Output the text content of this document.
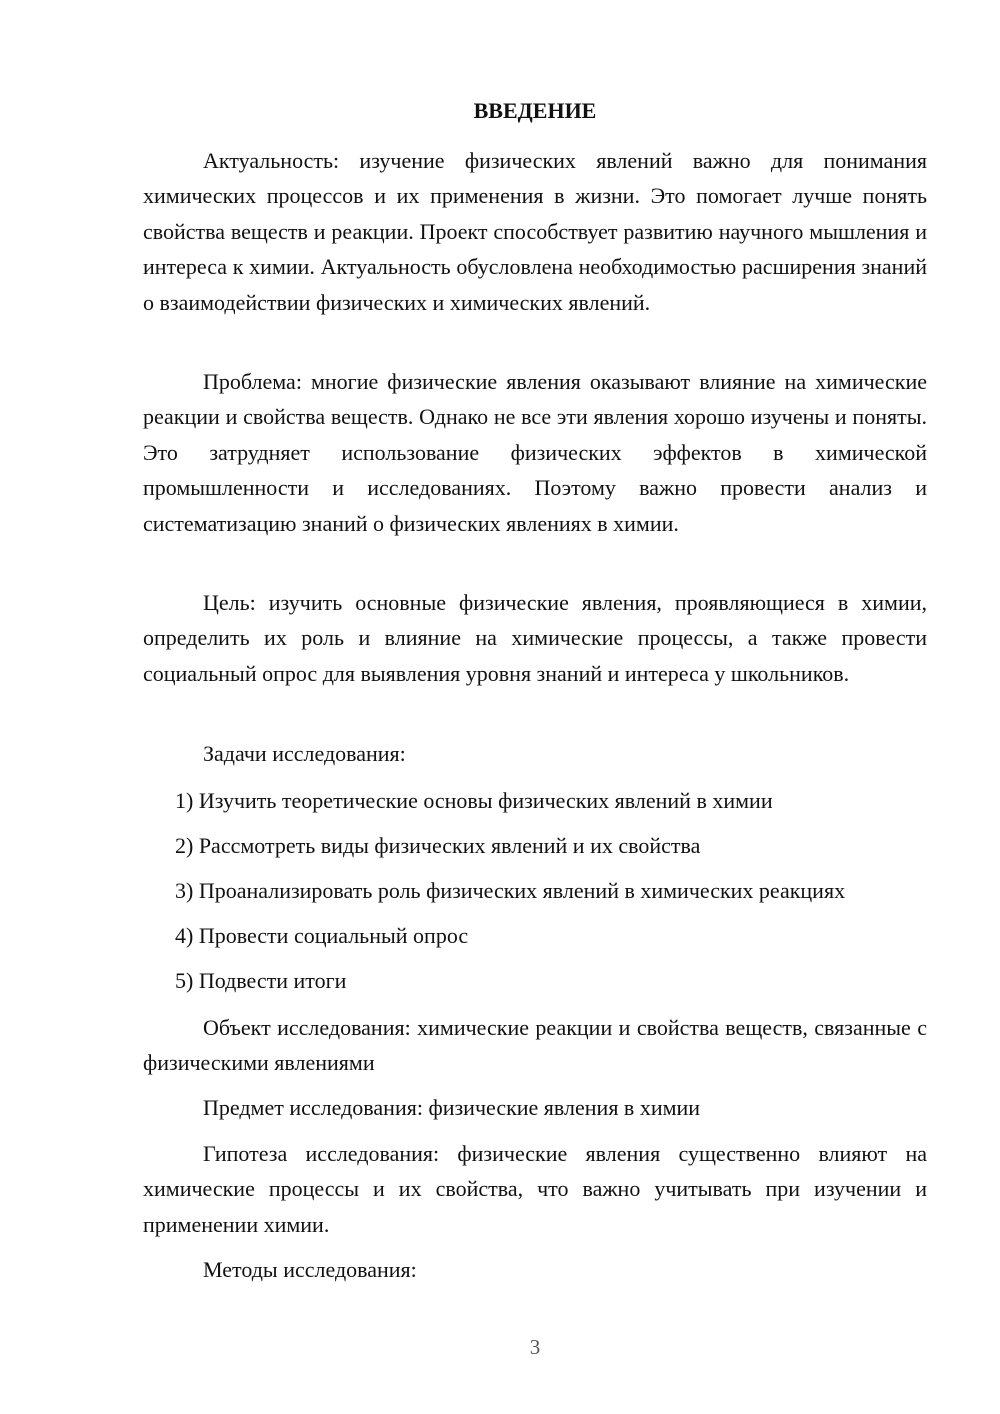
ВВЕДЕНИЕ

Актуальность: изучение физических явлений важно для понимания химических процессов и их применения в жизни. Это помогает лучше понять свойства веществ и реакции. Проект способствует развитию научного мышления и интереса к химии. Актуальность обусловлена необходимостью расширения знаний о взаимодействии физических и химических явлений.

Проблема: многие физические явления оказывают влияние на химические реакции и свойства веществ. Однако не все эти явления хорошо изучены и поняты. Это затрудняет использование физических эффектов в химической промышленности и исследованиях. Поэтому важно провести анализ и систематизацию знаний о физических явлениях в химии.

Цель: изучить основные физические явления, проявляющиеся в химии, определить их роль и влияние на химические процессы, а также провести социальный опрос для выявления уровня знаний и интереса у школьников.

Задачи исследования:

1) Изучить теоретические основы физических явлений в химии

2) Рассмотреть виды физических явлений и их свойства

3) Проанализировать роль физических явлений в химических реакциях

4) Провести социальный опрос

5) Подвести итоги

Объект исследования: химические реакции и свойства веществ, связанные с физическими явлениями

Предмет исследования: физические явления в химии

Гипотеза исследования: физические явления существенно влияют на химические процессы и их свойства, что важно учитывать при изучении и применении химии.

Методы исследования:

3
